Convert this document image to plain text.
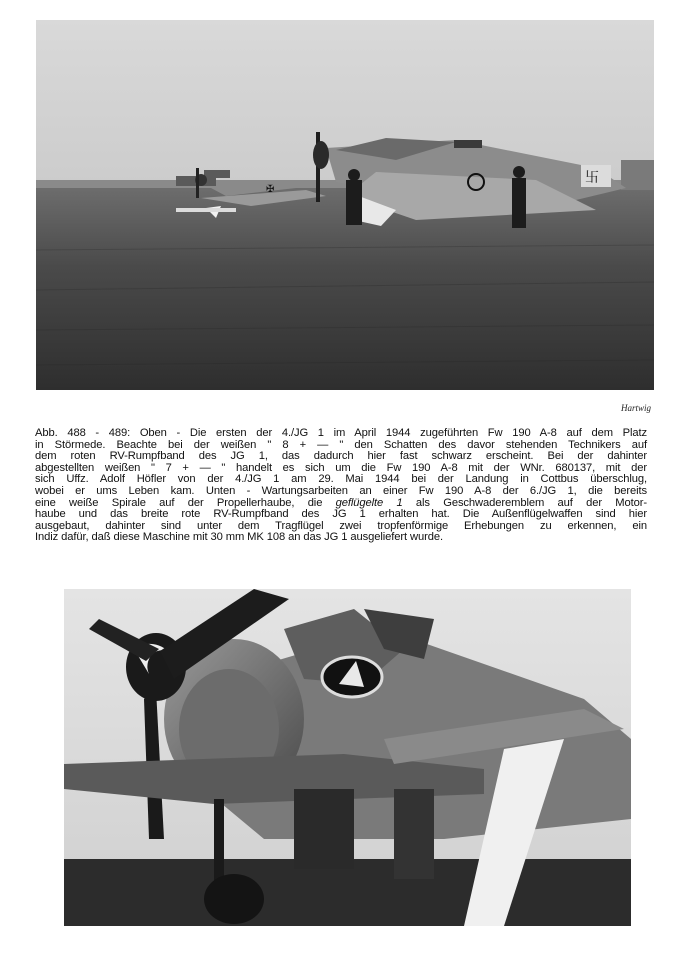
✠
卐
Hartwig
Abb. 488 - 489: Oben - Die ersten der 4./JG 1 im April 1944 zugeführten Fw 190 A-8 auf dem Platz
in Störmede. Beachte bei der weißen " 8 + — " den Schatten des davor stehenden Technikers auf
dem roten RV-Rumpfband des JG 1, das dadurch hier fast schwarz erscheint. Bei der dahinter
abgestellten weißen " 7 + — " handelt es sich um die Fw 190 A-8 mit der WNr. 680137, mit der
sich Uffz. Adolf Höfler von der 4./JG 1 am 29. Mai 1944 bei der Landung in Cottbus überschlug,
wobei er ums Leben kam. Unten - Wartungsarbeiten an einer Fw 190 A-8 der 6./JG 1, die bereits
eine weiße Spirale auf der Propellerhaube, die geflügelte 1 als Geschwaderemblem auf der Motor-
haube und das breite rote RV-Rumpfband des JG 1 erhalten hat. Die Außenflügelwaffen sind hier
ausgebaut, dahinter sind unter dem Tragflügel zwei tropfenförmige Erhebungen zu erkennen, ein
Indiz dafür, daß diese Maschine mit 30 mm MK 108 an das JG 1 ausgeliefert wurde.
